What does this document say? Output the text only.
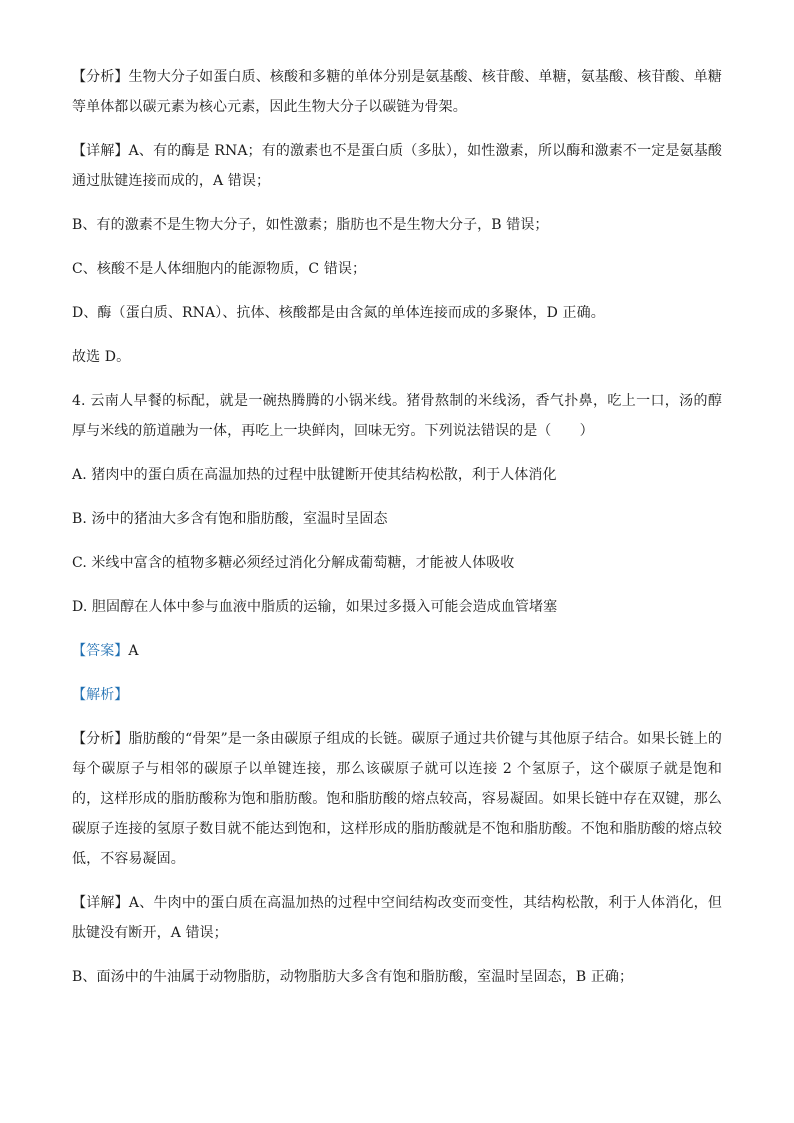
【分析】生物大分子如蛋白质、核酸和多糖的单体分别是氨基酸、核苷酸、单糖，氨基酸、核苷酸、单糖等单体都以碳元素为核心元素，因此生物大分子以碳链为骨架。

【详解】A、有的酶是 RNA；有的激素也不是蛋白质（多肽），如性激素，所以酶和激素不一定是氨基酸通过肽键连接而成的，A 错误；

B、有的激素不是生物大分子，如性激素；脂肪也不是生物大分子，B 错误；

C、核酸不是人体细胞内的能源物质，C 错误；

D、酶（蛋白质、RNA）、抗体、核酸都是由含氮的单体连接而成的多聚体，D 正确。

故选 D。

4. 云南人早餐的标配，就是一碗热腾腾的小锅米线。猪骨熬制的米线汤，香气扑鼻，吃上一口，汤的醇厚与米线的筋道融为一体，再吃上一块鲜肉，回味无穷。下列说法错误的是（　　）

A. 猪肉中的蛋白质在高温加热的过程中肽键断开使其结构松散，利于人体消化

B. 汤中的猪油大多含有饱和脂肪酸，室温时呈固态

C. 米线中富含的植物多糖必须经过消化分解成葡萄糖，才能被人体吸收

D. 胆固醇在人体中参与血液中脂质的运输，如果过多摄入可能会造成血管堵塞

【答案】A

【解析】

【分析】脂肪酸的“骨架”是一条由碳原子组成的长链。碳原子通过共价键与其他原子结合。如果长链上的每个碳原子与相邻的碳原子以单键连接，那么该碳原子就可以连接 2 个氢原子，这个碳原子就是饱和的，这样形成的脂肪酸称为饱和脂肪酸。饱和脂肪酸的熔点较高，容易凝固。如果长链中存在双键，那么碳原子连接的氢原子数目就不能达到饱和，这样形成的脂肪酸就是不饱和脂肪酸。不饱和脂肪酸的熔点较低，不容易凝固。

【详解】A、牛肉中的蛋白质在高温加热的过程中空间结构改变而变性，其结构松散，利于人体消化，但肽键没有断开，A 错误；

B、面汤中的牛油属于动物脂肪，动物脂肪大多含有饱和脂肪酸，室温时呈固态，B 正确；
